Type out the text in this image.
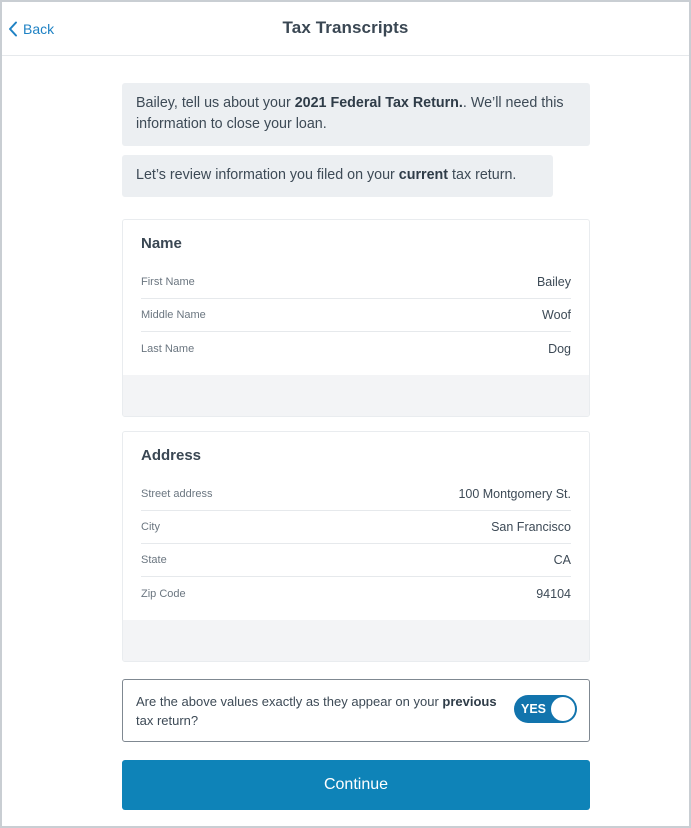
Back	Tax Transcripts
Bailey, tell us about your 2021 Federal Tax Return.. We’ll need this information to close your loan.
Let’s review information you filed on your current tax return.
Name
First Name	Bailey
Middle Name	Woof
Last Name	Dog
Address
Street address	100 Montgomery St.
City	San Francisco
State	CA
Zip Code	94104
Are the above values exactly as they appear on your previous tax return?
YES
Continue
